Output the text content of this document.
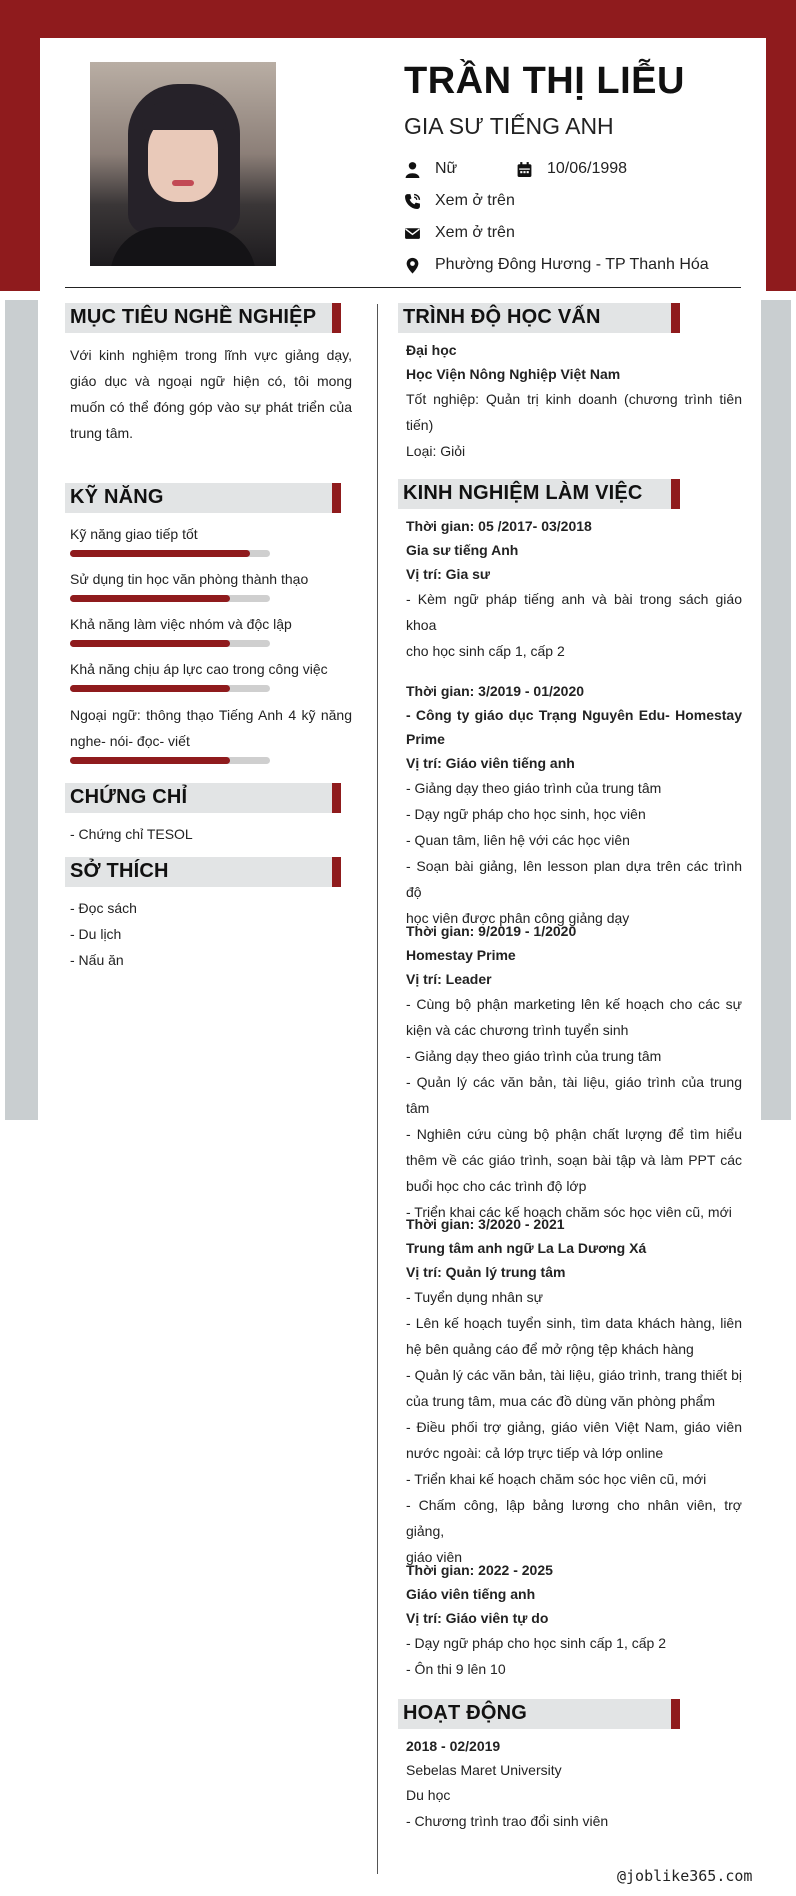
TRẦN THỊ LIỄU
GIA SƯ TIẾNG ANH
Nữ	10/06/1998
Xem ở trên
Xem ở trên
Phường Đông Hương - TP Thanh Hóa
MỤC TIÊU NGHỀ NGHIỆP
Với kinh nghiệm trong lĩnh vực giảng dạy,
giáo dục và ngoại ngữ hiện có, tôi mong
muốn có thể đóng góp vào sự phát triển của
trung tâm.
KỸ NĂNG
Kỹ năng giao tiếp tốt
Sử dụng tin học văn phòng thành thạo
Khả năng làm việc nhóm và độc lập
Khả năng chịu áp lực cao trong công việc
Ngoại ngữ: thông thạo Tiếng Anh 4 kỹ năng
nghe- nói- đọc- viết
CHỨNG CHỈ
- Chứng chỉ TESOL
SỞ THÍCH
- Đọc sách
- Du lịch
- Nấu ăn
TRÌNH ĐỘ HỌC VẤN
Đại học
Học Viện Nông Nghiệp Việt Nam
Tốt nghiệp: Quản trị kinh doanh (chương trình tiên
tiến)
Loại: Giỏi
KINH NGHIỆM LÀM VIỆC
Thời gian: 05 /2017- 03/2018
Gia sư tiếng Anh
Vị trí: Gia sư
- Kèm ngữ pháp tiếng anh và bài trong sách giáo khoa
cho học sinh cấp 1, cấp 2
Thời gian: 3/2019 - 01/2020
- Công ty giáo dục Trạng Nguyên Edu- Homestay
Prime
Vị trí: Giáo viên tiếng anh
- Giảng dạy theo giáo trình của trung tâm
- Dạy ngữ pháp cho học sinh, học viên
- Quan tâm, liên hệ với các học viên
- Soạn bài giảng, lên lesson plan dựa trên các trình độ
học viên được phân công giảng dạy
Thời gian: 9/2019 - 1/2020
Homestay Prime
Vị trí: Leader
- Cùng bộ phận marketing lên kế hoạch cho các sự
kiện và các chương trình tuyển sinh
- Giảng dạy theo giáo trình của trung tâm
- Quản lý các văn bản, tài liệu, giáo trình của trung tâm
- Nghiên cứu cùng bộ phận chất lượng để tìm hiểu
thêm về các giáo trình, soạn bài tập và làm PPT các
buổi học cho các trình độ lớp
- Triển khai các kế hoạch chăm sóc học viên cũ, mới
Thời gian: 3/2020 - 2021
Trung tâm anh ngữ La La Dương Xá
Vị trí: Quản lý trung tâm
- Tuyển dụng nhân sự
- Lên kế hoạch tuyển sinh, tìm data khách hàng, liên
hệ bên quảng cáo để mở rộng tệp khách hàng
- Quản lý các văn bản, tài liệu, giáo trình, trang thiết bị
của trung tâm, mua các đồ dùng văn phòng phẩm
- Điều phối trợ giảng, giáo viên Việt Nam, giáo viên
nước ngoài: cả lớp trực tiếp và lớp online
- Triển khai kế hoạch chăm sóc học viên cũ, mới
- Chấm công, lập bảng lương cho nhân viên, trợ giảng,
giáo viên
Thời gian: 2022 - 2025
Giáo viên tiếng anh
Vị trí: Giáo viên tự do
- Dạy ngữ pháp cho học sinh cấp 1, cấp 2
- Ôn thi 9 lên 10
HOẠT ĐỘNG
2018 - 02/2019
Sebelas Maret University
Du học
- Chương trình trao đổi sinh viên
@joblike365.com
